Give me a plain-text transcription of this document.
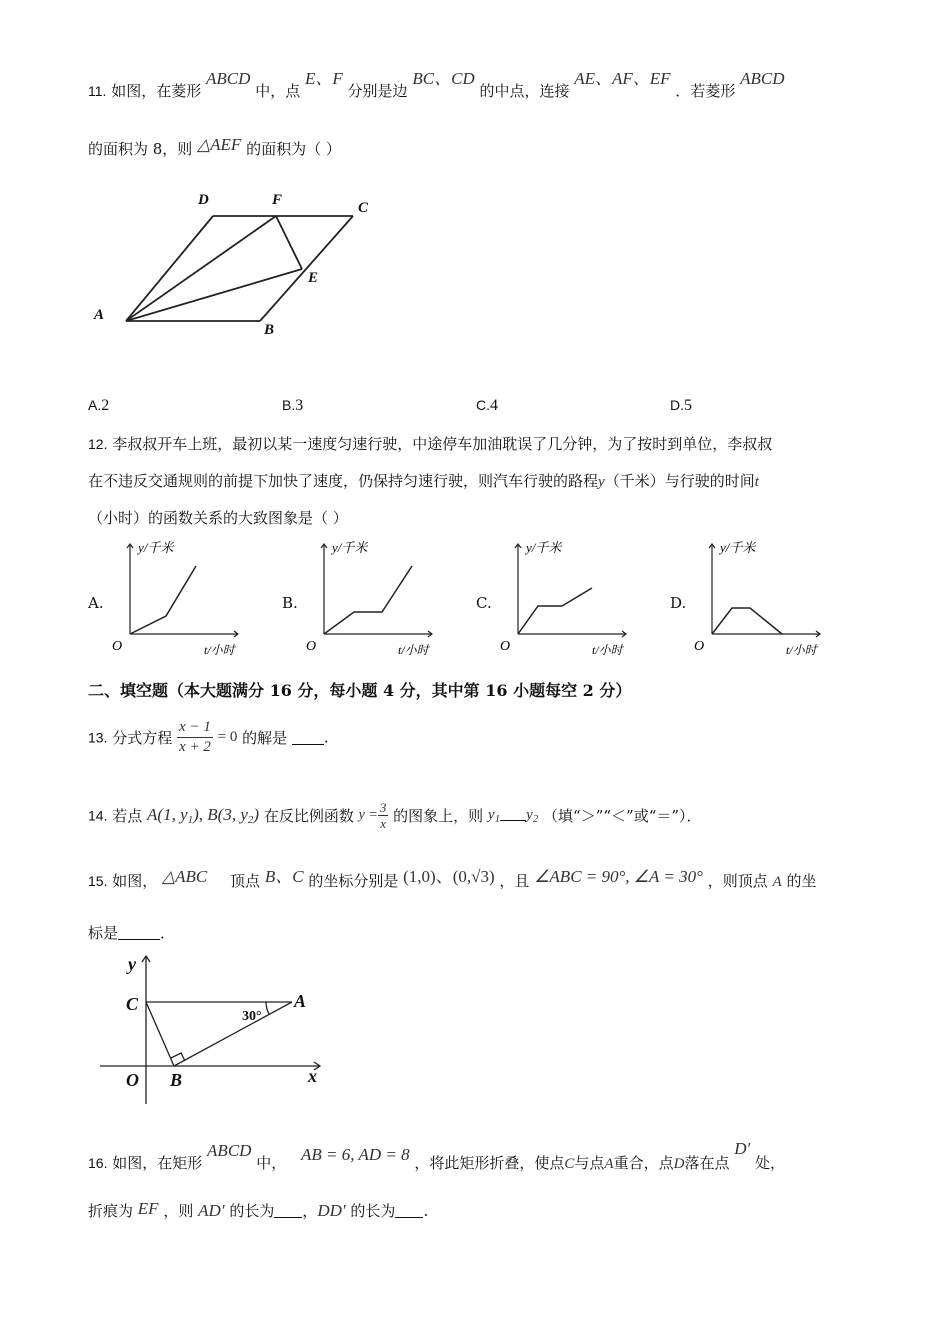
11. 如图，在菱形 ABCD 中，点 E、F 分别是边 BC、CD 的中点，连接 AE、AF、EF ．若菱形 ABCD
的面积为 8，则 △AEF 的面积为（ ）
A
B
C
D
E
F
A.2	B.3	C.4	D.5
12. 李叔叔开车上班，最初以某一速度匀速行驶，中途停车加油耽误了几分钟，为了按时到单位，李叔叔
在不违反交通规则的前提下加快了速度，仍保持匀速行驶，则汽车行驶的路程y（千米）与行驶的时间t
（小时）的函数关系的大致图象是（ ）
A.
y/千米
t/小时
O
B.
y/千米
t/小时
O
C.
y/千米
t/小时
O
D.
y/千米
t/小时
O
二、填空题（本大题满分 16 分，每小题 4 分，其中第 16 小题每空 2 分）
13. 分式方程 $\frac{x - 1}{x + 2} = 0$ 的解是 .
14. 若点 A(1, $y_1$), B(3, $y_2$) 在反比例函数 $y = \frac{3}{x}$ 的图象上，则 $y_1$ $y_2$ （填“＞”“＜”或“＝”）．
15. 如图， △ABC 顶点 B、C 的坐标分别是 (1,0)、(0,√3) ，且 ∠ABC = 90°, ∠A = 30° ，则顶点 A 的坐
标是	．
y
x
C	A
O B
30°
16. 如图，在矩形 ABCD 中， AB = 6, AD = 8 ，将此矩形折叠，使点C与点A重合，点D落在点 D′ 处，
折痕为 EF ，则 AD′ 的长为 ，DD′ 的长为 .
